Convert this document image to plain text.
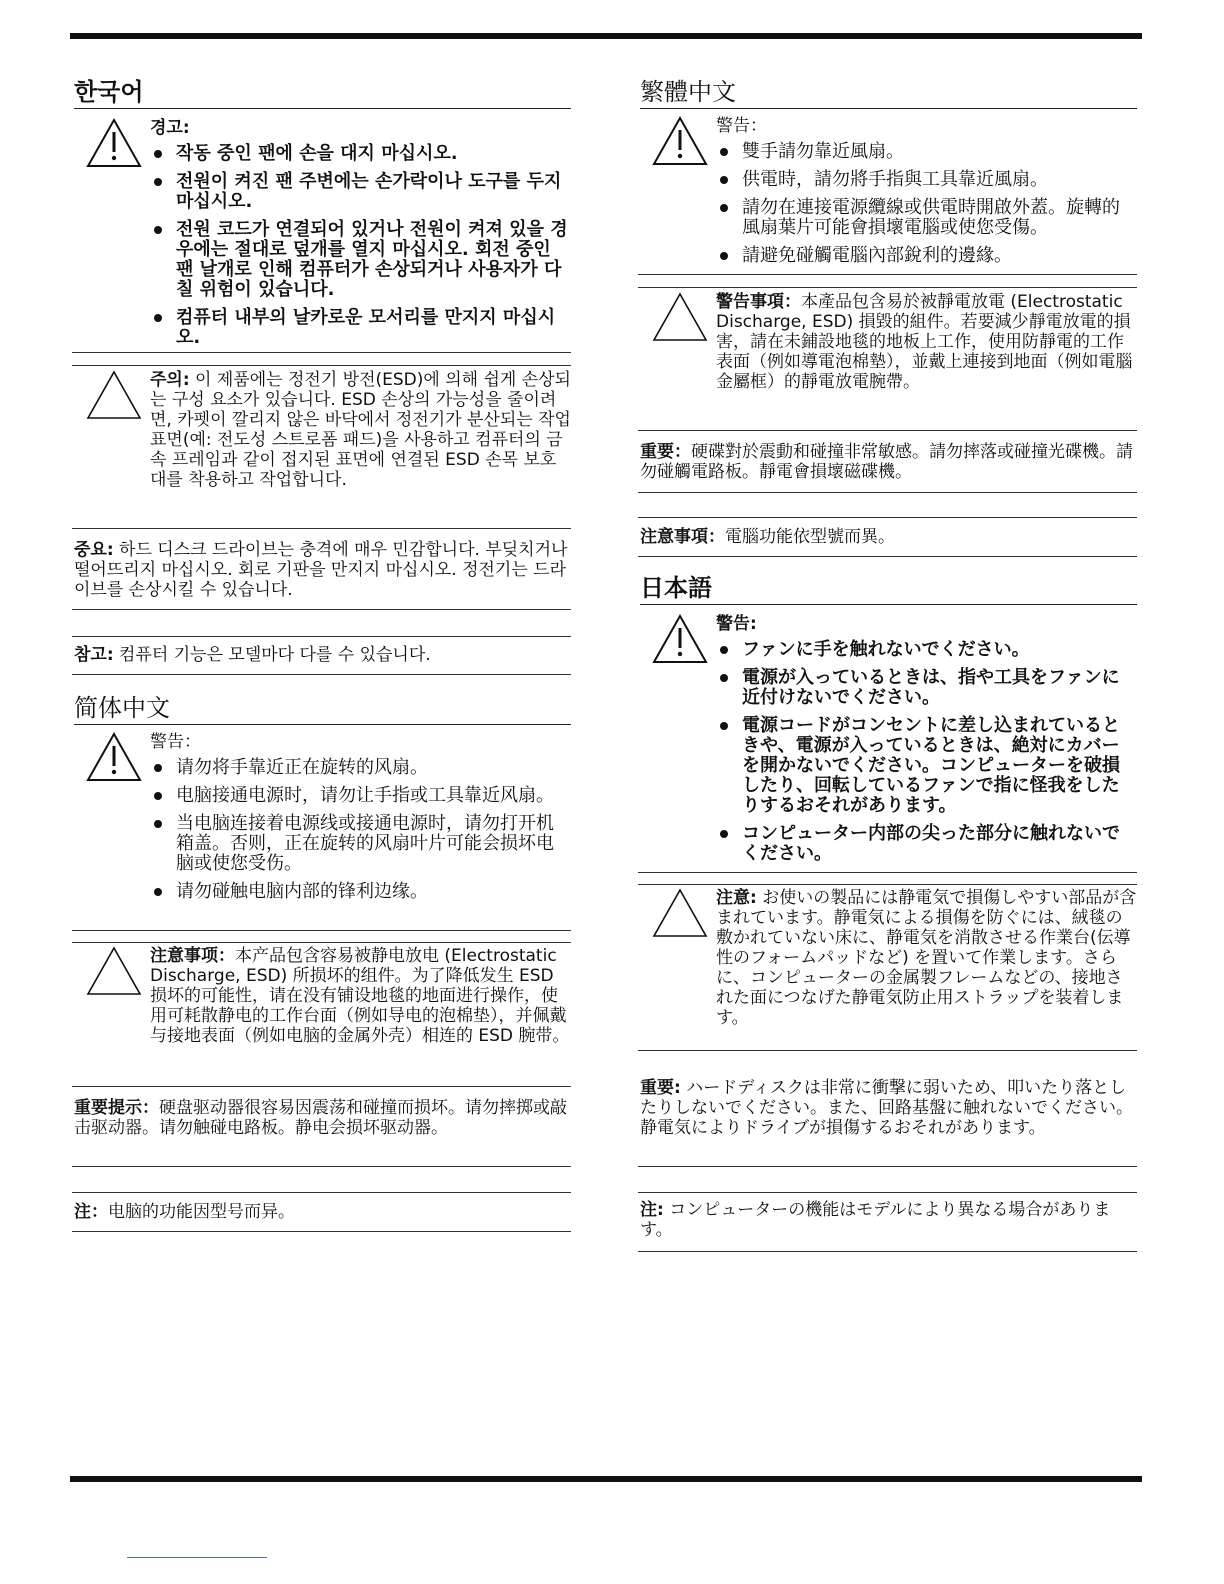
한국어
경고:
작동 중인 팬에 손을 대지 마십시오.
전원이 켜진 팬 주변에는 손가락이나 도구를 두지 마십시오.
전원 코드가 연결되어 있거나 전원이 켜져 있을 경우에는 절대로 덮개를 열지 마십시오. 회전 중인 팬 날개로 인해 컴퓨터가 손상되거나 사용자가 다칠 위험이 있습니다.
컴퓨터 내부의 날카로운 모서리를 만지지 마십시오.

주의: 이 제품에는 정전기 방전(ESD)에 의해 쉽게 손상되는 구성 요소가 있습니다. ESD 손상의 가능성을 줄이려면, 카펫이 깔리지 않은 바닥에서 정전기가 분산되는 작업 표면(예: 전도성 스트로폼 패드)을 사용하고 컴퓨터의 금속 프레임과 같이 접지된 표면에 연결된 ESD 손목 보호대를 착용하고 작업합니다.

중요: 하드 디스크 드라이브는 충격에 매우 민감합니다. 부딪치거나 떨어뜨리지 마십시오. 회로 기판을 만지지 마십시오. 정전기는 드라이브를 손상시킬 수 있습니다.
참고: 컴퓨터 기능은 모델마다 다를 수 있습니다.
简体中文
警告：
请勿将手靠近正在旋转的风扇。
电脑接通电源时，请勿让手指或工具靠近风扇。
当电脑连接着电源线或接通电源时，请勿打开机箱盖。否则，正在旋转的风扇叶片可能会损坏电脑或使您受伤。
请勿碰触电脑内部的锋利边缘。

注意事项：本产品包含容易被静电放电 (Electrostatic Discharge, ESD) 所损坏的组件。为了降低发生 ESD 损坏的可能性，请在没有铺设地毯的地面进行操作，使用可耗散静电的工作台面（例如导电的泡棉垫），并佩戴与接地表面（例如电脑的金属外壳）相连的 ESD 腕带。

重要提示：硬盘驱动器很容易因震荡和碰撞而损坏。请勿摔掷或敲击驱动器。请勿触碰电路板。静电会损坏驱动器。
注：电脑的功能因型号而异。
繁體中文
警告：
雙手請勿靠近風扇。
供電時，請勿將手指與工具靠近風扇。
請勿在連接電源纜線或供電時開啟外蓋。旋轉的風扇葉片可能會損壞電腦或使您受傷。
請避免碰觸電腦內部銳利的邊緣。

警告事項：本產品包含易於被靜電放電 (Electrostatic Discharge, ESD) 損毀的組件。若要減少靜電放電的損害，請在未鋪設地毯的地板上工作，使用防靜電的工作表面（例如導電泡棉墊），並戴上連接到地面（例如電腦金屬框）的靜電放電腕帶。

重要：硬碟對於震動和碰撞非常敏感。請勿摔落或碰撞光碟機。請勿碰觸電路板。靜電會損壞磁碟機。
注意事項：電腦功能依型號而異。
日本語
警告:
ファンに手を触れないでください。
電源が入っているときは、指や工具をファンに近付けないでください。
電源コードがコンセントに差し込まれているときや、電源が入っているときは、絶対にカバーを開かないでください。コンピューターを破損したり、回転しているファンで指に怪我をしたりするおそれがあります。
コンピューター内部の尖った部分に触れないでください。

注意: お使いの製品には静電気で損傷しやすい部品が含まれています。静電気による損傷を防ぐには、絨毯の敷かれていない床に、静電気を消散させる作業台(伝導性のフォームパッドなど) を置いて作業します。さらに、コンピューターの金属製フレームなどの、接地された面につなげた静電気防止用ストラップを装着します。

重要: ハードディスクは非常に衝撃に弱いため、叩いたり落としたりしないでください。また、回路基盤に触れないでください。静電気によりドライブが損傷するおそれがあります。
注: コンピューターの機能はモデルにより異なる場合があります。
